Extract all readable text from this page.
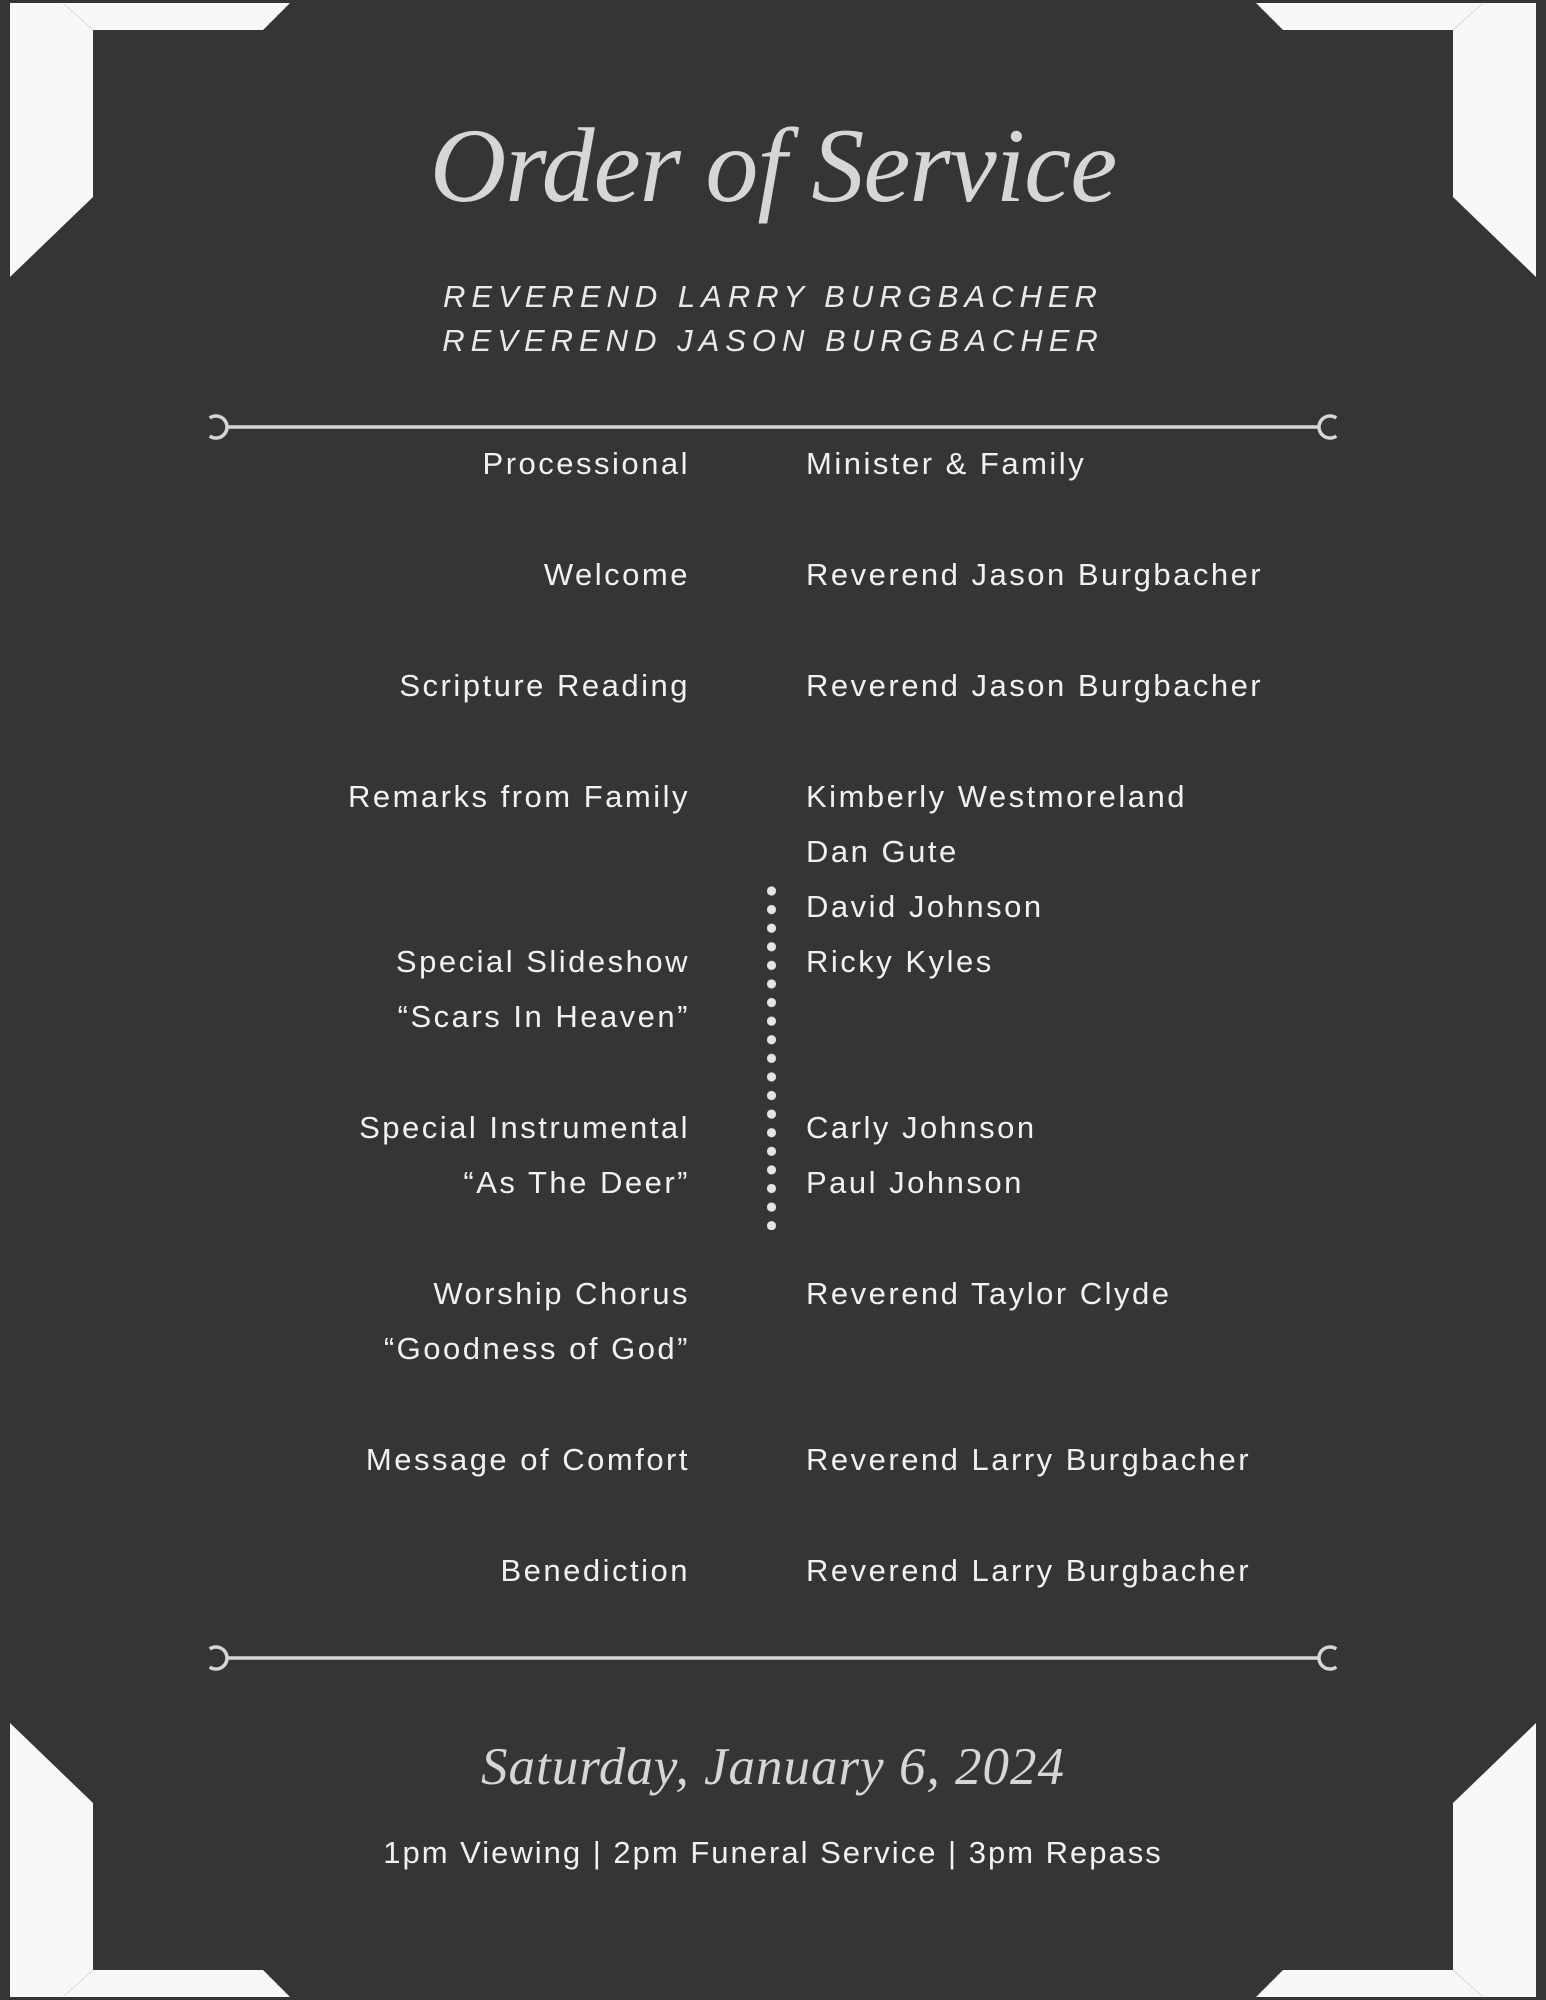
Order of Service
REVEREND LARRY BURGBACHER
REVEREND JASON BURGBACHER
Processional	Minister & Family
Welcome	Reverend Jason Burgbacher
Scripture Reading	Reverend Jason Burgbacher
Remarks from Family	Kimberly Westmoreland
Dan Gute
David Johnson
Special Slideshow	Ricky Kyles
“Scars In Heaven”
Special Instrumental	Carly Johnson
“As The Deer”	Paul Johnson
Worship Chorus	Reverend Taylor Clyde
“Goodness of God”
Message of Comfort	Reverend Larry Burgbacher
Benediction	Reverend Larry Burgbacher
Saturday, January 6, 2024
1pm Viewing | 2pm Funeral Service | 3pm Repass
